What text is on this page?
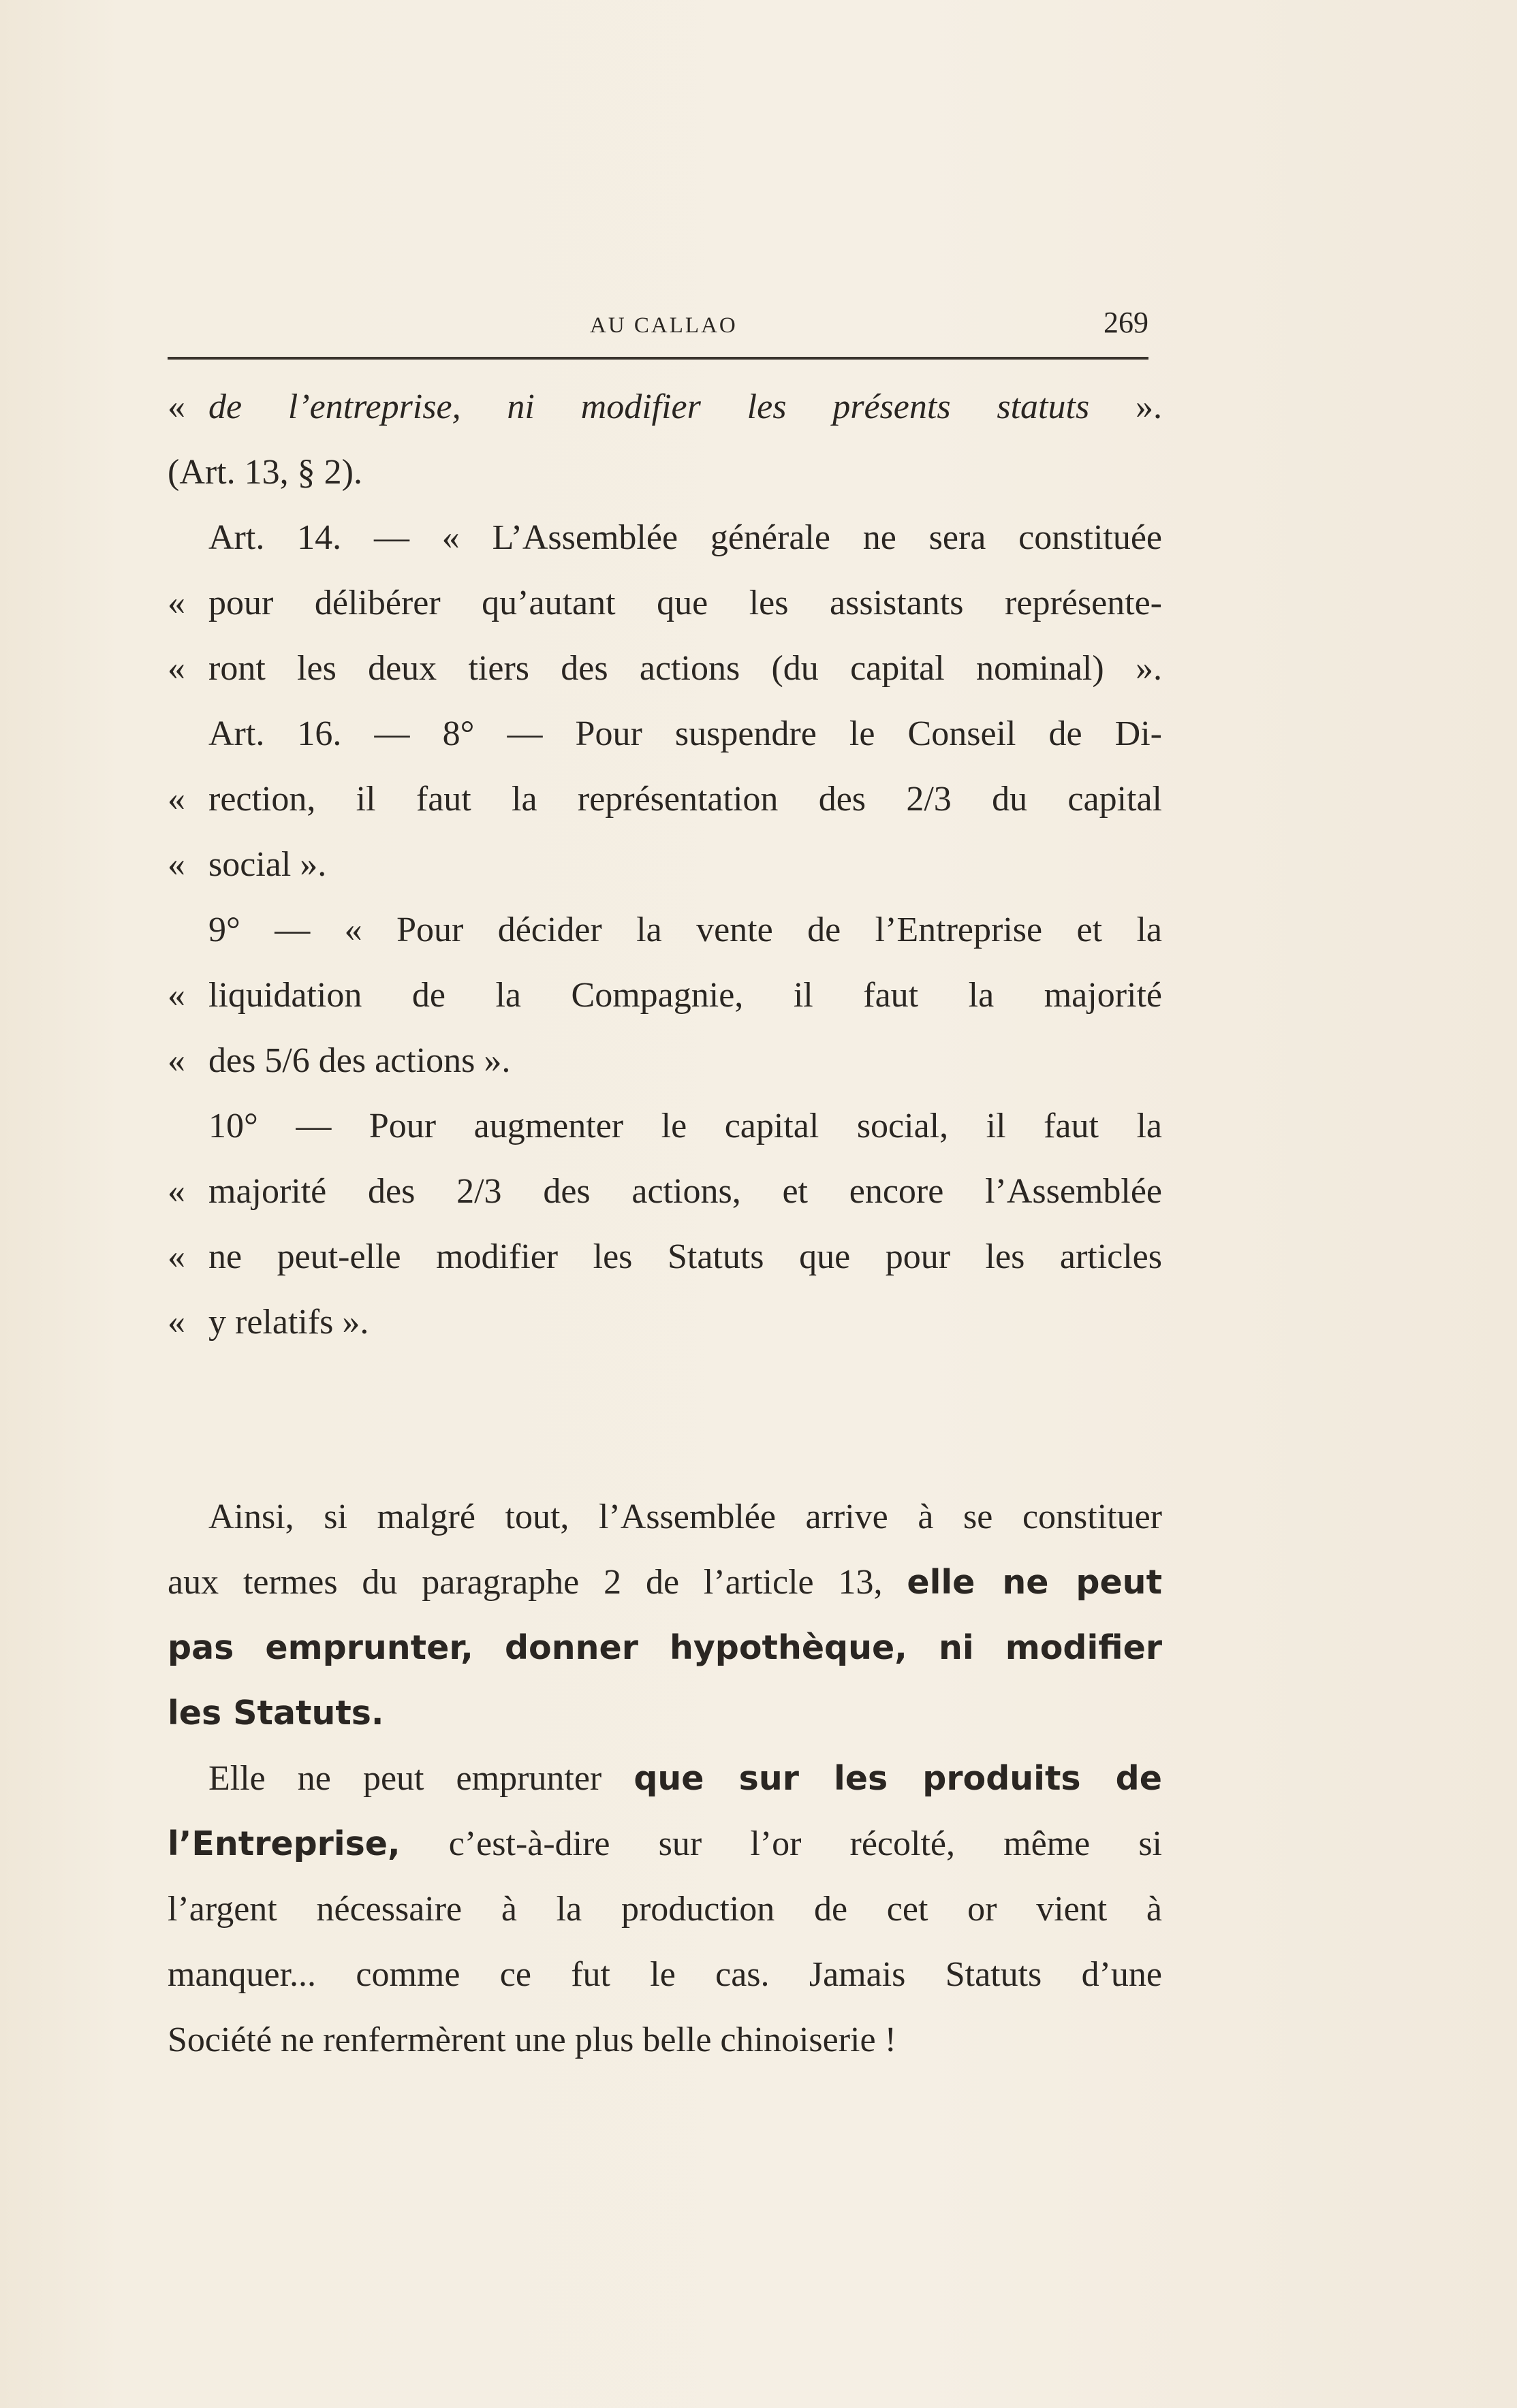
AU CALLAO	269
« de l’entreprise, ni modifier les présents statuts ».
(Art. 13, § 2).
Art. 14. — « L’Assemblée générale ne sera constituée
« pour délibérer qu’autant que les assistants représente-
« ront les deux tiers des actions (du capital nominal) ».
Art. 16. — 8° — Pour suspendre le Conseil de Di-
« rection, il faut la représentation des 2/3 du capital
« social ».
9° — « Pour décider la vente de l’Entreprise et la
« liquidation de la Compagnie, il faut la majorité
« des 5/6 des actions ».
10° — Pour augmenter le capital social, il faut la
« majorité des 2/3 des actions, et encore l’Assemblée
« ne peut-elle modifier les Statuts que pour les articles
« y relatifs ».
Ainsi, si malgré tout, l’Assemblée arrive à se constituer
aux termes du paragraphe 2 de l’article 13, elle ne peut
pas emprunter, donner hypothèque, ni modifier
les Statuts.
Elle ne peut emprunter que sur les produits de
l’Entreprise, c’est-à-dire sur l’or récolté, même si
l’argent nécessaire à la production de cet or vient à
manquer... comme ce fut le cas. Jamais Statuts d’une
Société ne renfermèrent une plus belle chinoiserie !
